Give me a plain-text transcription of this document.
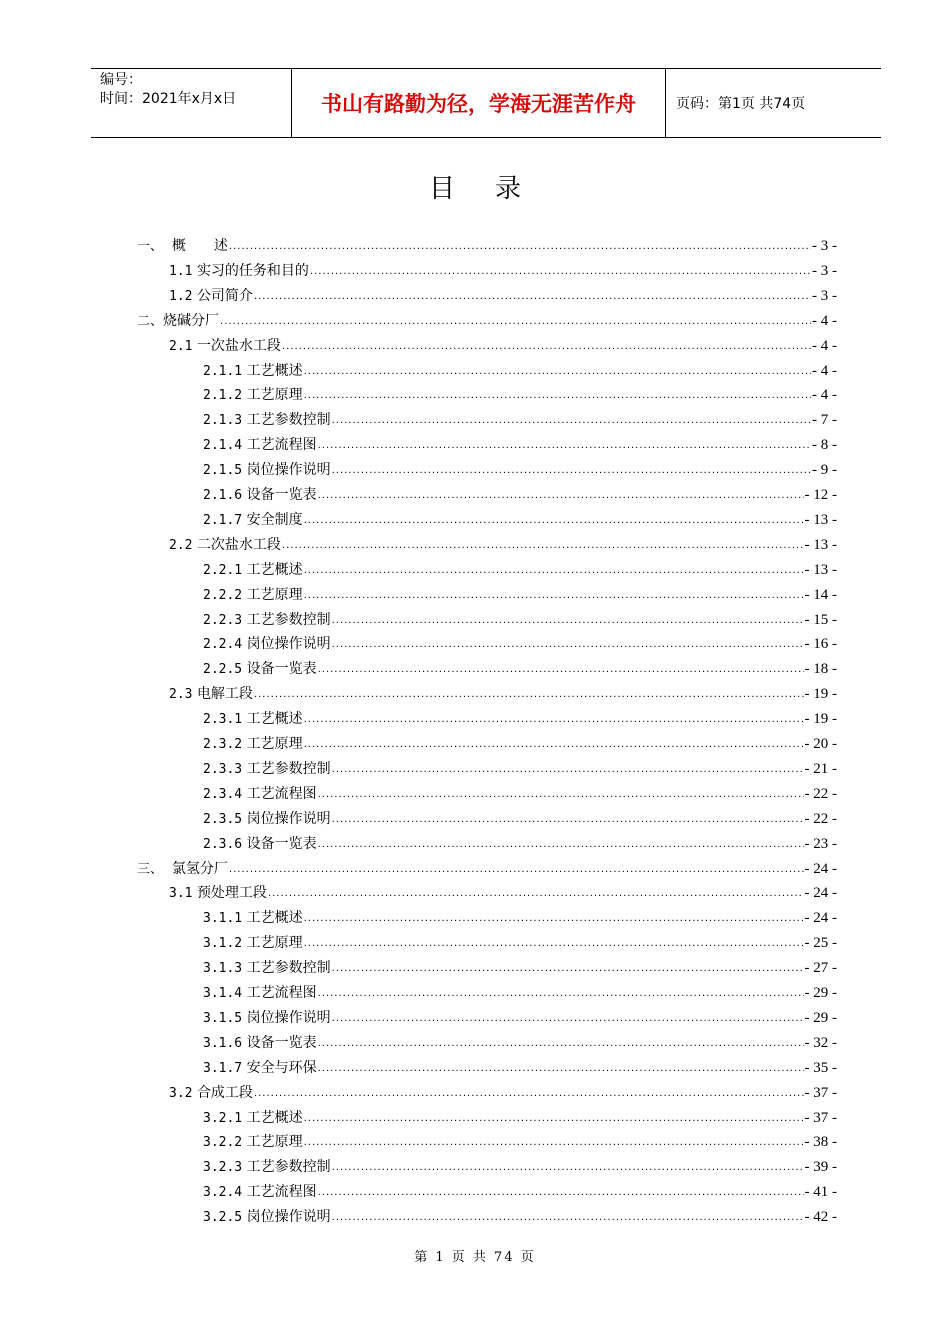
编号：
时间：2021年x月x日	书山有路勤为径，学海无涯苦作舟	页码：第1页 共74页
目录
一、 概　　述 .....	- 3 -
1.1 实习的任务和目的 .....	- 3 -
1.2 公司简介 .....	- 3 -
二、烧碱分厂 .....	- 4 -
2.1 一次盐水工段 .....	- 4 -
2.1.1 工艺概述 .....	- 4 -
2.1.2 工艺原理 .....	- 4 -
2.1.3 工艺参数控制 .....	- 7 -
2.1.4 工艺流程图 .....	- 8 -
2.1.5 岗位操作说明 .....	- 9 -
2.1.6 设备一览表 .....	- 12 -
2.1.7 安全制度 .....	- 13 -
2.2 二次盐水工段 .....	- 13 -
2.2.1 工艺概述 .....	- 13 -
2.2.2 工艺原理 .....	- 14 -
2.2.3 工艺参数控制 .....	- 15 -
2.2.4 岗位操作说明 .....	- 16 -
2.2.5 设备一览表 .....	- 18 -
2.3 电解工段 .....	- 19 -
2.3.1 工艺概述 .....	- 19 -
2.3.2 工艺原理 .....	- 20 -
2.3.3 工艺参数控制 .....	- 21 -
2.3.4 工艺流程图 .....	- 22 -
2.3.5 岗位操作说明 .....	- 22 -
2.3.6 设备一览表 .....	- 23 -
三、 氯氢分厂 .....	- 24 -
3.1 预处理工段 .....	- 24 -
3.1.1 工艺概述 .....	- 24 -
3.1.2 工艺原理 .....	- 25 -
3.1.3 工艺参数控制 .....	- 27 -
3.1.4 工艺流程图 .....	- 29 -
3.1.5 岗位操作说明 .....	- 29 -
3.1.6 设备一览表 .....	- 32 -
3.1.7 安全与环保 .....	- 35 -
3.2 合成工段 .....	- 37 -
3.2.1 工艺概述 .....	- 37 -
3.2.2 工艺原理 .....	- 38 -
3.2.3 工艺参数控制 .....	- 39 -
3.2.4 工艺流程图 .....	- 41 -
3.2.5 岗位操作说明 .....	- 42 -
第 1 页 共 74 页
